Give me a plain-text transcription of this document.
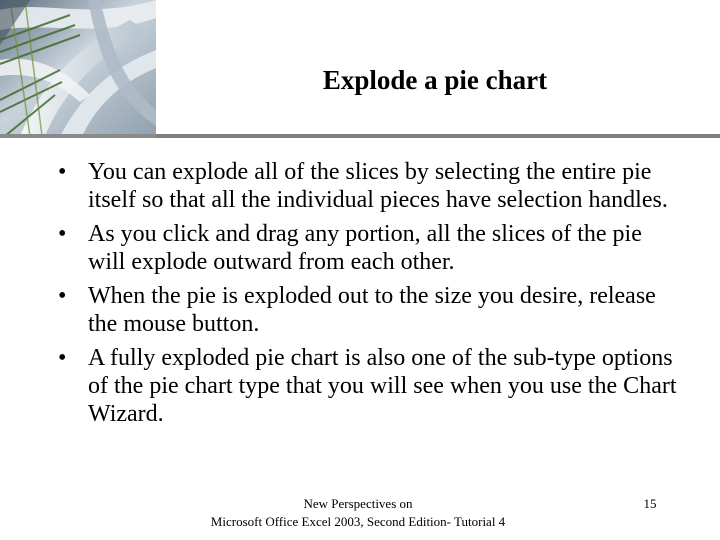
Explode a pie chart
• You can explode all of the slices by selecting the entire pie itself so that all the individual pieces have selection handles.
• As you click and drag any portion, all the slices of the pie will explode outward from each other.
• When the pie is exploded out to the size you desire, release the mouse button.
• A fully exploded pie chart is also one of the sub-type options of the pie chart type that you will see when you use the Chart Wizard.
New Perspectives on
Microsoft Office Excel 2003, Second Edition- Tutorial 4
15
